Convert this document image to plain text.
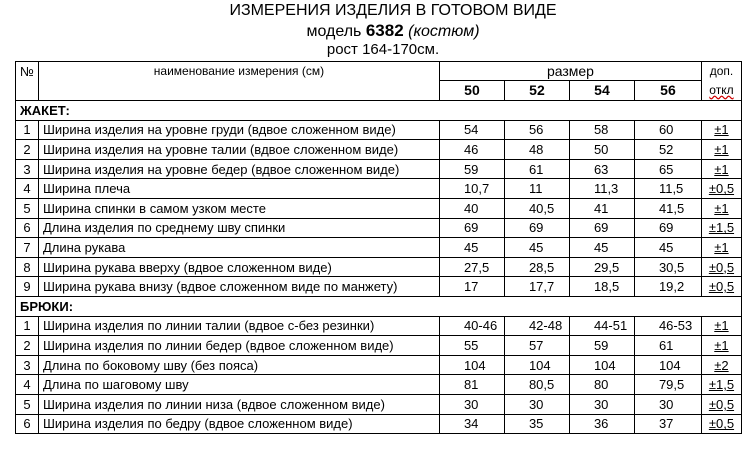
ИЗМЕРЕНИЯ ИЗДЕЛИЯ В ГОТОВОМ ВИДЕ
модель 6382 (костюм)
рост 164-170см.
№	наименование измерения (см)	размер				доп.
откл

		50	52	54	56	
ЖАКЕТ:						
1	Ширина изделия на уровне груди (вдвое сложенном виде)	54	56	58	60	±1
2	Ширина изделия на уровне талии (вдвое сложенном виде)	46	48	50	52	±1
3	Ширина изделия на уровне бедер (вдвое сложенном виде)	59	61	63	65	±1
4	Ширина плеча	10,7	11	11,3	11,5	±0,5
5	Ширина спинки в самом узком месте	40	40,5	41	41,5	±1
6	Длина изделия по среднему шву спинки	69	69	69	69	±1,5
7	Длина рукава	45	45	45	45	±1
8	Ширина рукава вверху (вдвое сложенном виде)	27,5	28,5	29,5	30,5	±0,5
9	Ширина рукава внизу (вдвое сложенном виде по манжету)	17	17,7	18,5	19,2	±0,5
БРЮКИ:						
1	Ширина изделия по линии талии (вдвое с-без резинки)	40-46	42-48	44-51	46-53	±1
2	Ширина изделия по линии бедер (вдвое сложенном виде)	55	57	59	61	±1
3	Длина по боковому шву (без пояса)	104	104	104	104	±2
4	Длина по шаговому шву	81	80,5	80	79,5	±1,5
5	Ширина изделия по линии низа (вдвое сложенном виде)	30	30	30	30	±0,5
6	Ширина изделия по бедру (вдвое сложенном виде)	34	35	36	37	±0,5
